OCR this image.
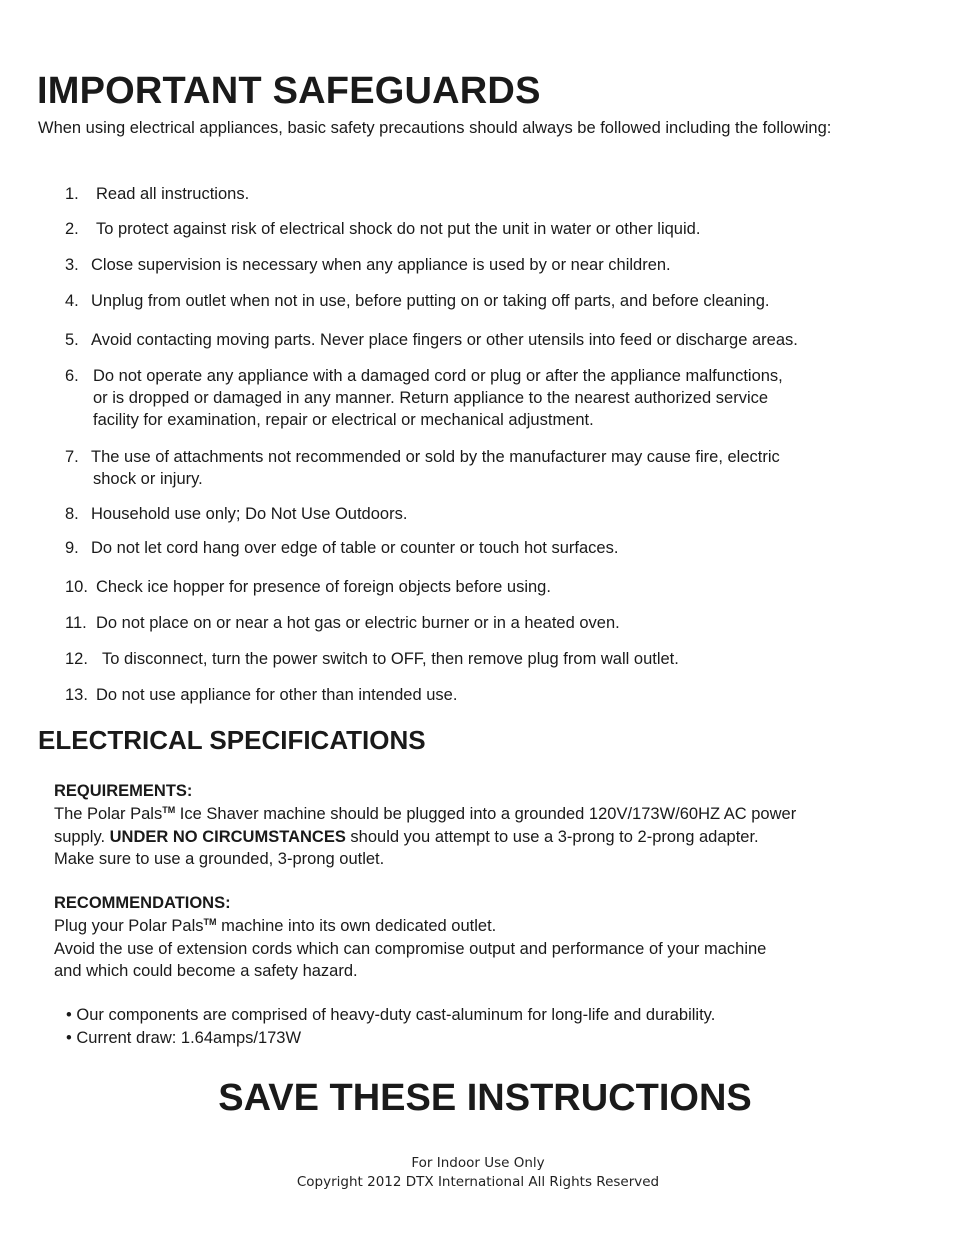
IMPORTANT SAFEGUARDS

When using electrical appliances, basic safety precautions should always be followed including the following:

1. Read all instructions.

2. To protect against risk of electrical shock do not put the unit in water or other liquid.

3. Close supervision is necessary when any appliance is used by or near children.

4. Unplug from outlet when not in use, before putting on or taking off parts, and before cleaning.

5. Avoid contacting moving parts. Never place fingers or other utensils into feed or discharge areas.

6. Do not operate any appliance with a damaged cord or plug or after the appliance malfunctions,
or is dropped or damaged in any manner. Return appliance to the nearest authorized service
facility for examination, repair or electrical or mechanical adjustment.

7. The use of attachments not recommended or sold by the manufacturer may cause fire, electric
shock or injury.

8. Household use only; Do Not Use Outdoors.

9. Do not let cord hang over edge of table or counter or touch hot surfaces.

10. Check ice hopper for presence of foreign objects before using.

11. Do not place on or near a hot gas or electric burner or in a heated oven.

12. To disconnect, turn the power switch to OFF, then remove plug from wall outlet.

13. Do not use appliance for other than intended use.

ELECTRICAL SPECIFICATIONS

REQUIREMENTS:

The Polar Pals™ Ice Shaver machine should be plugged into a grounded 120V/173W/60HZ AC power
supply. UNDER NO CIRCUMSTANCES should you attempt to use a 3-prong to 2-prong adapter.
Make sure to use a grounded, 3-prong outlet.

RECOMMENDATIONS:

Plug your Polar Pals™ machine into its own dedicated outlet.
Avoid the use of extension cords which can compromise output and performance of your machine
and which could become a safety hazard.

• Our components are comprised of heavy-duty cast-aluminum for long-life and durability.

• Current draw: 1.64amps/173W

SAVE THESE INSTRUCTIONS

For Indoor Use Only

Copyright 2012 DTX International All Rights Reserved
